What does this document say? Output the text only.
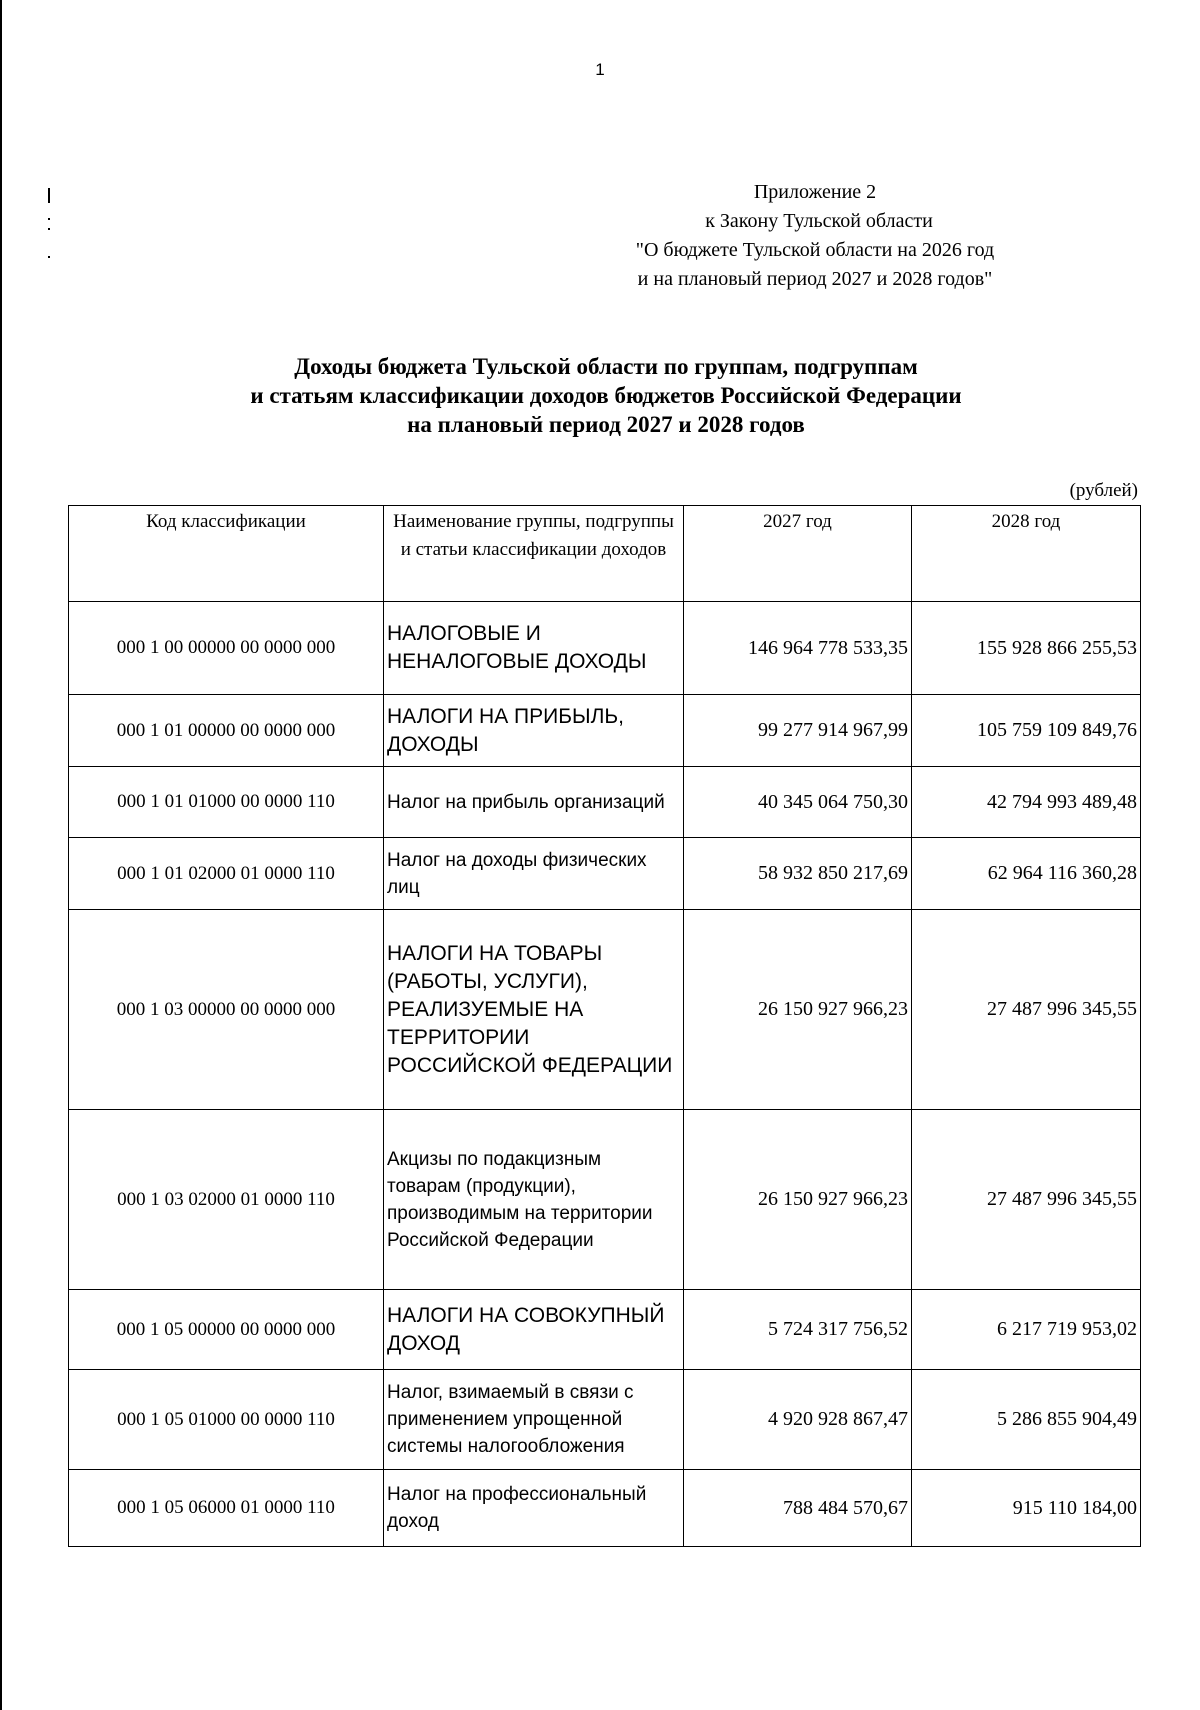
1
Приложение 2
к Закону Тульской области
"О бюджете Тульской области на 2026 год
и на плановый период 2027 и 2028 годов"
Доходы бюджета Тульской области по группам, подгруппам
и статьям классификации доходов бюджетов Российской Федерации
на плановый период 2027 и 2028 годов
(рублей)
Код классификации	Наименование группы, подгруппы и статьи классификации доходов	2027 год	2028 год
000 1 00 00000 00 0000 000	НАЛОГОВЫЕ И НЕНАЛОГОВЫЕ ДОХОДЫ	146 964 778 533,35	155 928 866 255,53
000 1 01 00000 00 0000 000	НАЛОГИ НА ПРИБЫЛЬ, ДОХОДЫ	99 277 914 967,99	105 759 109 849,76
000 1 01 01000 00 0000 110	Налог на прибыль организаций	40 345 064 750,30	42 794 993 489,48
000 1 01 02000 01 0000 110	Налог на доходы физических лиц	58 932 850 217,69	62 964 116 360,28
000 1 03 00000 00 0000 000	НАЛОГИ НА ТОВАРЫ (РАБОТЫ, УСЛУГИ), РЕАЛИЗУЕМЫЕ НА ТЕРРИТОРИИ РОССИЙСКОЙ ФЕДЕРАЦИИ	26 150 927 966,23	27 487 996 345,55
000 1 03 02000 01 0000 110	Акцизы по подакцизным товарам (продукции), производимым на территории Российской Федерации	26 150 927 966,23	27 487 996 345,55
000 1 05 00000 00 0000 000	НАЛОГИ НА СОВОКУПНЫЙ ДОХОД	5 724 317 756,52	6 217 719 953,02
000 1 05 01000 00 0000 110	Налог, взимаемый в связи с применением упрощенной системы налогообложения	4 920 928 867,47	5 286 855 904,49
000 1 05 06000 01 0000 110	Налог на профессиональный доход	788 484 570,67	915 110 184,00
